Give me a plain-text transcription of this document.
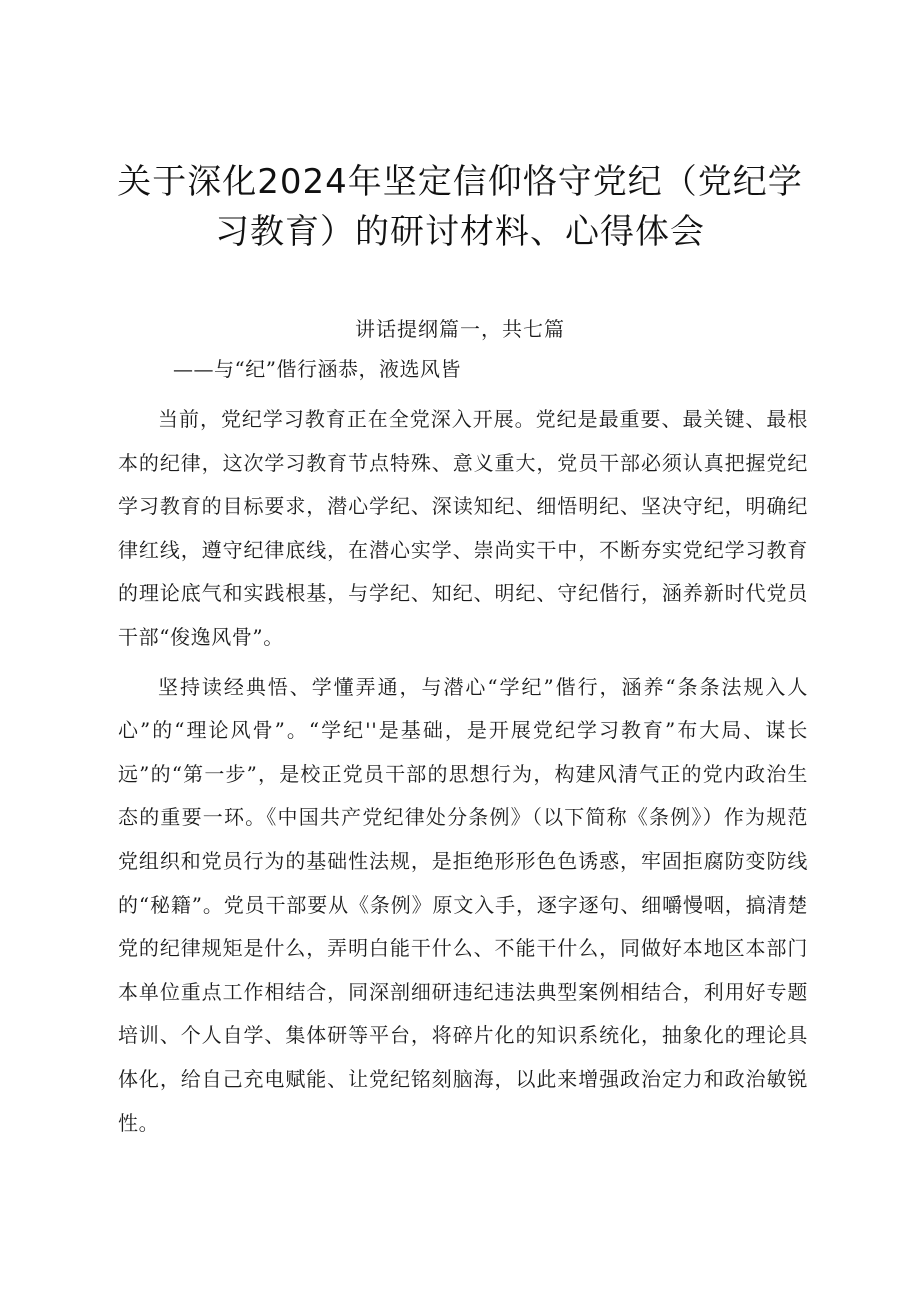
关于深化2024年坚定信仰恪守党纪（党纪学习教育）的研讨材料、心得体会
讲话提纲篇一，共七篇
——与“纪”偕行涵恭，液选风皆

当前，党纪学习教育正在全党深入开展。党纪是最重要、最关键、最根本的纪律，这次学习教育节点特殊、意义重大，党员干部必须认真把握党纪学习教育的目标要求，潜心学纪、深读知纪、细悟明纪、坚决守纪，明确纪律红线，遵守纪律底线，在潜心实学、崇尚实干中，不断夯实党纪学习教育的理论底气和实践根基，与学纪、知纪、明纪、守纪偕行，涵养新时代党员干部“俊逸风骨”。

坚持读经典悟、学懂弄通，与潜心“学纪”偕行，涵养“条条法规入人心”的“理论风骨”。“学纪''是基础，是开展党纪学习教育”布大局、谋长远”的“第一步”，是校正党员干部的思想行为，构建风清气正的党内政治生态的重要一环。《中国共产党纪律处分条例》（以下简称《条例》）作为规范党组织和党员行为的基础性法规，是拒绝形形色色诱惑，牢固拒腐防变防线的“秘籍”。党员干部要从《条例》原文入手，逐字逐句、细嚼慢咽，搞清楚党的纪律规矩是什么，弄明白能干什么、不能干什么，同做好本地区本部门本单位重点工作相结合，同深剖细研违纪违法典型案例相结合，利用好专题培训、个人自学、集体研等平台，将碎片化的知识系统化，抽象化的理论具体化，给自己充电赋能、让党纪铭刻脑海，以此来增强政治定力和政治敏锐性。
